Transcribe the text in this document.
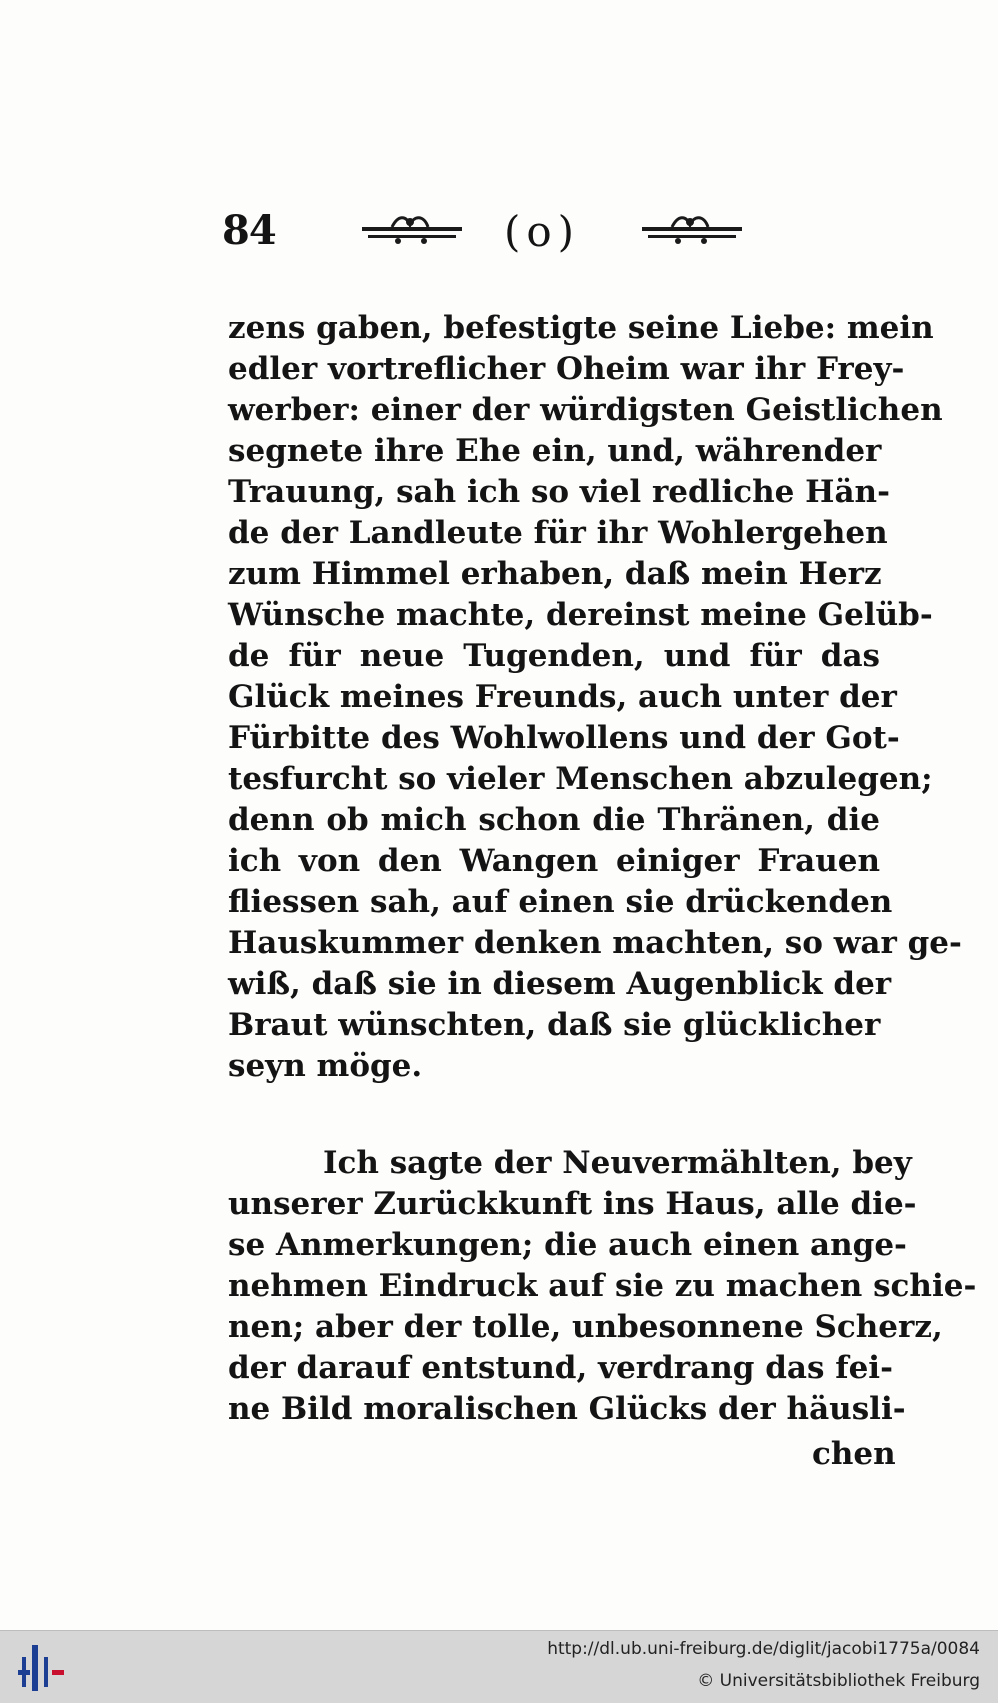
84	(o)
zens gaben, befestigte seine Liebe: mein
edler vortreflicher Oheim war ihr Frey-
werber: einer der würdigsten Geistlichen
segnete ihre Ehe ein, und, währender
Trauung, sah ich so viel redliche Hän-
de der Landleute für ihr Wohlergehen
zum Himmel erhaben, daß mein Herz
Wünsche machte, dereinst meine Gelüb-
de für neue Tugenden, und für das
Glück meines Freunds, auch unter der
Fürbitte des Wohlwollens und der Got-
tesfurcht so vieler Menschen abzulegen;
denn ob mich schon die Thränen, die
ich von den Wangen einiger Frauen
fliessen sah, auf einen sie drückenden
Hauskummer denken machten, so war ge-
wiß, daß sie in diesem Augenblick der
Braut wünschten, daß sie glücklicher
seyn möge.
Ich sagte der Neuvermählten, bey
unserer Zurückkunft ins Haus, alle die-
se Anmerkungen; die auch einen ange-
nehmen Eindruck auf sie zu machen schie-
nen; aber der tolle, unbesonnene Scherz,
der darauf entstund, verdrang das fei-
ne Bild moralischen Glücks der häusli-
chen
http://dl.ub.uni-freiburg.de/diglit/jacobi1775a/0084
© Universitätsbibliothek Freiburg
